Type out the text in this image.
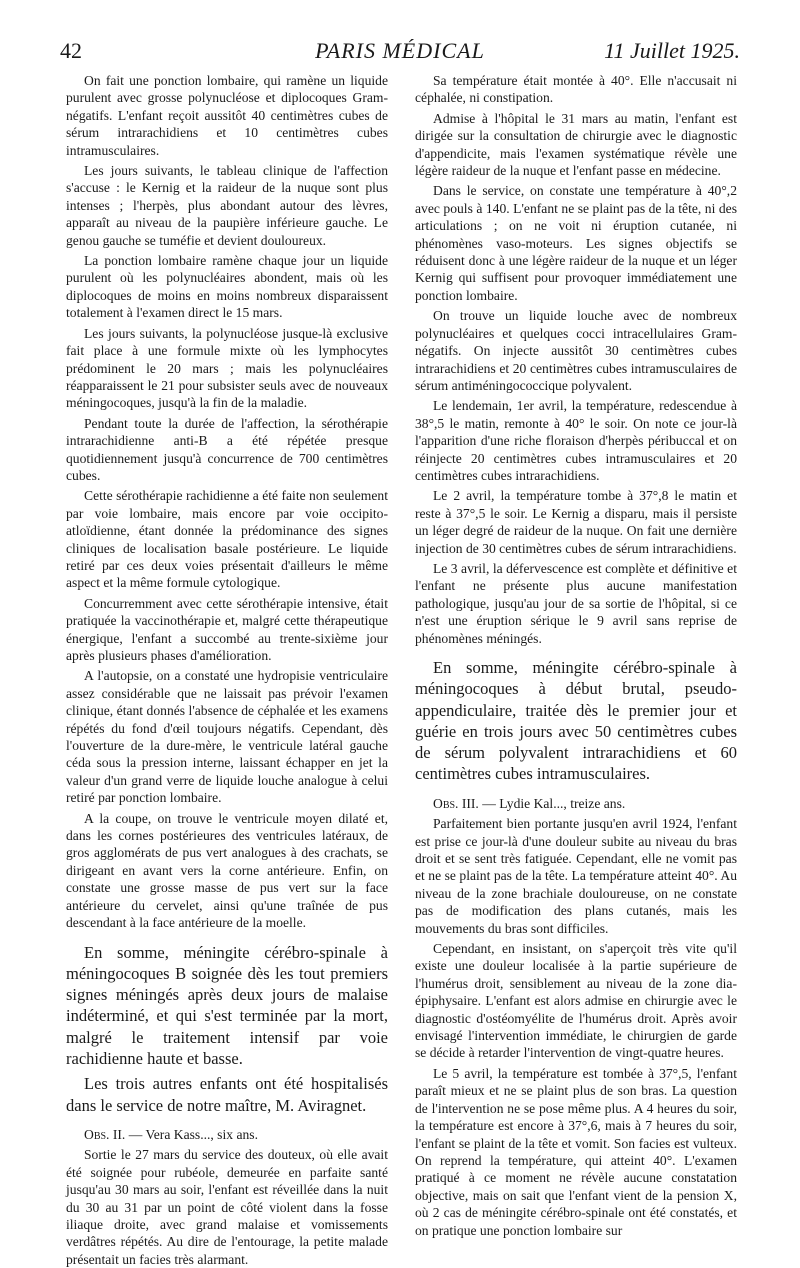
42	PARIS MÉDICAL	11 Juillet 1925.

On fait une ponction lombaire, qui ramène un liquide purulent avec grosse polynucléose et diplocoques Gram-négatifs. L'enfant reçoit aussitôt 40 centimètres cubes de sérum intrarachidiens et 10 centimètres cubes intramusculaires.

Les jours suivants, le tableau clinique de l'affection s'accuse : le Kernig et la raideur de la nuque sont plus intenses ; l'herpès, plus abondant autour des lèvres, apparaît au niveau de la paupière inférieure gauche. Le genou gauche se tuméfie et devient douloureux.

La ponction lombaire ramène chaque jour un liquide purulent où les polynucléaires abondent, mais où les diplocoques de moins en moins nombreux disparaissent totalement à l'examen direct le 15 mars.

Les jours suivants, la polynucléose jusque-là exclusive fait place à une formule mixte où les lymphocytes prédominent le 20 mars ; mais les polynucléaires réapparaissent le 21 pour subsister seuls avec de nouveaux méningocoques, jusqu'à la fin de la maladie.

Pendant toute la durée de l'affection, la sérothérapie intrarachidienne anti-B a été répétée presque quotidiennement jusqu'à concurrence de 700 centimètres cubes.

Cette sérothérapie rachidienne a été faite non seulement par voie lombaire, mais encore par voie occipito-atloïdienne, étant donnée la prédominance des signes cliniques de localisation basale postérieure. Le liquide retiré par ces deux voies présentait d'ailleurs le même aspect et la même formule cytologique.

Concurremment avec cette sérothérapie intensive, était pratiquée la vaccinothérapie et, malgré cette thérapeutique énergique, l'enfant a succombé au trente-sixième jour après plusieurs phases d'amélioration.

A l'autopsie, on a constaté une hydropisie ventriculaire assez considérable que ne laissait pas prévoir l'examen clinique, étant donnés l'absence de céphalée et les examens répétés du fond d'œil toujours négatifs. Cependant, dès l'ouverture de la dure-mère, le ventricule latéral gauche céda sous la pression interne, laissant échapper en jet la valeur d'un grand verre de liquide louche analogue à celui retiré par ponction lombaire.

A la coupe, on trouve le ventricule moyen dilaté et, dans les cornes postérieures des ventricules latéraux, de gros agglomérats de pus vert analogues à des crachats, se dirigeant en avant vers la corne antérieure. Enfin, on constate une grosse masse de pus vert sur la face antérieure du cervelet, ainsi qu'une traînée de pus descendant à la face antérieure de la moelle.

En somme, méningite cérébro-spinale à méningocoques B soignée dès les tout premiers signes méningés après deux jours de malaise indéterminé, et qui s'est terminée par la mort, malgré le traitement intensif par voie rachidienne haute et basse.

Les trois autres enfants ont été hospitalisés dans le service de notre maître, M. Aviragnet.

Obs. II. — Vera Kass..., six ans.

Sortie le 27 mars du service des douteux, où elle avait été soignée pour rubéole, demeurée en parfaite santé jusqu'au 30 mars au soir, l'enfant est réveillée dans la nuit du 30 au 31 par un point de côté violent dans la fosse iliaque droite, avec grand malaise et vomissements verdâtres répétés. Au dire de l'entourage, la petite malade présentait un facies très alarmant.

Sa température était montée à 40°. Elle n'accusait ni céphalée, ni constipation.

Admise à l'hôpital le 31 mars au matin, l'enfant est dirigée sur la consultation de chirurgie avec le diagnostic d'appendicite, mais l'examen systématique révèle une légère raideur de la nuque et l'enfant passe en médecine.

Dans le service, on constate une température à 40°,2 avec pouls à 140. L'enfant ne se plaint pas de la tête, ni des articulations ; on ne voit ni éruption cutanée, ni phénomènes vaso-moteurs. Les signes objectifs se réduisent donc à une légère raideur de la nuque et un léger Kernig qui suffisent pour provoquer immédiatement une ponction lombaire.

On trouve un liquide louche avec de nombreux polynucléaires et quelques cocci intracellulaires Gram-négatifs. On injecte aussitôt 30 centimètres cubes intrarachidiens et 20 centimètres cubes intramusculaires de sérum antiméningococcique polyvalent.

Le lendemain, 1er avril, la température, redescendue à 38°,5 le matin, remonte à 40° le soir. On note ce jour-là l'apparition d'une riche floraison d'herpès péribuccal et on réinjecte 20 centimètres cubes intramusculaires et 20 centimètres cubes intrarachidiens.

Le 2 avril, la température tombe à 37°,8 le matin et reste à 37°,5 le soir. Le Kernig a disparu, mais il persiste un léger degré de raideur de la nuque. On fait une dernière injection de 30 centimètres cubes de sérum intrarachidiens.

Le 3 avril, la défervescence est complète et définitive et l'enfant ne présente plus aucune manifestation pathologique, jusqu'au jour de sa sortie de l'hôpital, si ce n'est une éruption sérique le 9 avril sans reprise de phénomènes méningés.

En somme, méningite cérébro-spinale à méningocoques à début brutal, pseudo-appendiculaire, traitée dès le premier jour et guérie en trois jours avec 50 centimètres cubes de sérum polyvalent intrarachidiens et 60 centimètres cubes intramusculaires.

Obs. III. — Lydie Kal..., treize ans.

Parfaitement bien portante jusqu'en avril 1924, l'enfant est prise ce jour-là d'une douleur subite au niveau du bras droit et se sent très fatiguée. Cependant, elle ne vomit pas et ne se plaint pas de la tête. La température atteint 40°. Au niveau de la zone brachiale douloureuse, on ne constate pas de modification des plans cutanés, mais les mouvements du bras sont difficiles.

Cependant, en insistant, on s'aperçoit très vite qu'il existe une douleur localisée à la partie supérieure de l'humérus droit, sensiblement au niveau de la zone dia-épiphysaire. L'enfant est alors admise en chirurgie avec le diagnostic d'ostéomyélite de l'humérus droit. Après avoir envisagé l'intervention immédiate, le chirurgien de garde se décide à retarder l'intervention de vingt-quatre heures.

Le 5 avril, la température est tombée à 37°,5, l'enfant paraît mieux et ne se plaint plus de son bras. La question de l'intervention ne se pose même plus. A 4 heures du soir, la température est encore à 37°,6, mais à 7 heures du soir, l'enfant se plaint de la tête et vomit. Son facies est vulteux. On reprend la température, qui atteint 40°. L'examen pratiqué à ce moment ne révèle aucune constatation objective, mais on sait que l'enfant vient de la pension X, où 2 cas de méningite cérébro-spinale ont été constatés, et on pratique une ponction lombaire sur
